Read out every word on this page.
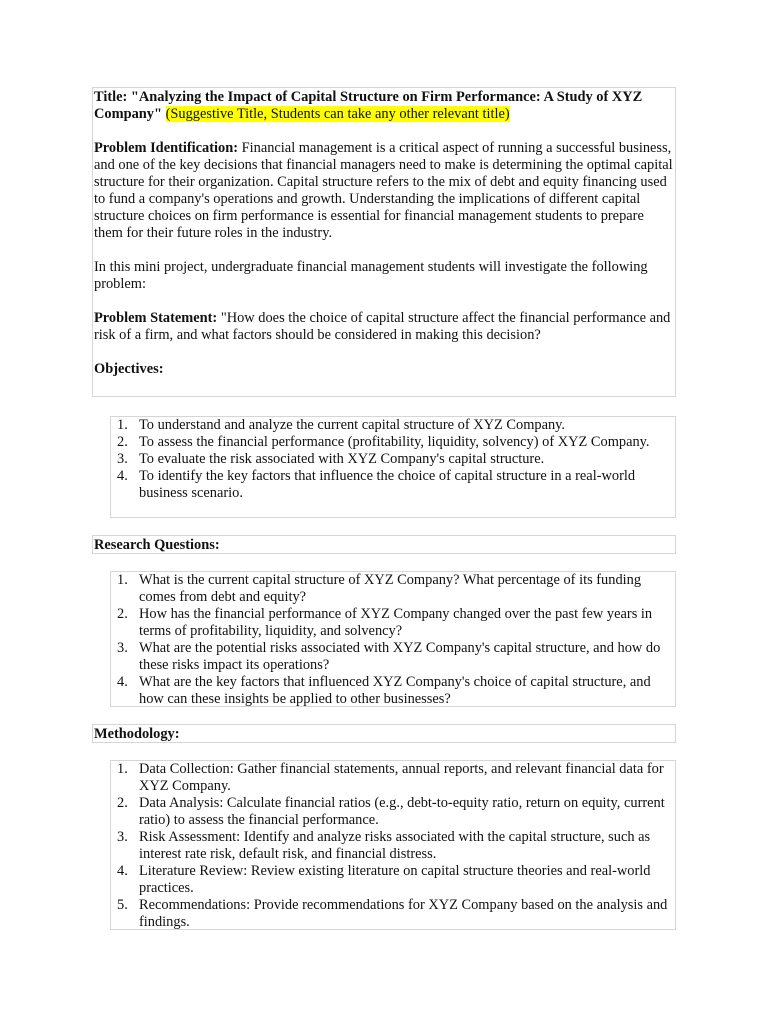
Title: "Analyzing the Impact of Capital Structure on Firm Performance: A Study of XYZ Company" (Suggestive Title, Students can take any other relevant title)

Problem Identification: Financial management is a critical aspect of running a successful business, and one of the key decisions that financial managers need to make is determining the optimal capital structure for their organization. Capital structure refers to the mix of debt and equity financing used to fund a company's operations and growth. Understanding the implications of different capital structure choices on firm performance is essential for financial management students to prepare them for their future roles in the industry.

In this mini project, undergraduate financial management students will investigate the following problem:

Problem Statement: "How does the choice of capital structure affect the financial performance and risk of a firm, and what factors should be considered in making this decision?

Objectives:

1. To understand and analyze the current capital structure of XYZ Company.
2. To assess the financial performance (profitability, liquidity, solvency) of XYZ Company.
3. To evaluate the risk associated with XYZ Company's capital structure.
4. To identify the key factors that influence the choice of capital structure in a real-world business scenario.
Research Questions:
1. What is the current capital structure of XYZ Company? What percentage of its funding comes from debt and equity?
2. How has the financial performance of XYZ Company changed over the past few years in terms of profitability, liquidity, and solvency?
3. What are the potential risks associated with XYZ Company's capital structure, and how do these risks impact its operations?
4. What are the key factors that influenced XYZ Company's choice of capital structure, and how can these insights be applied to other businesses?
Methodology:
1. Data Collection: Gather financial statements, annual reports, and relevant financial data for XYZ Company.
2. Data Analysis: Calculate financial ratios (e.g., debt-to-equity ratio, return on equity, current ratio) to assess the financial performance.
3. Risk Assessment: Identify and analyze risks associated with the capital structure, such as interest rate risk, default risk, and financial distress.
4. Literature Review: Review existing literature on capital structure theories and real-world practices.
5. Recommendations: Provide recommendations for XYZ Company based on the analysis and findings.
